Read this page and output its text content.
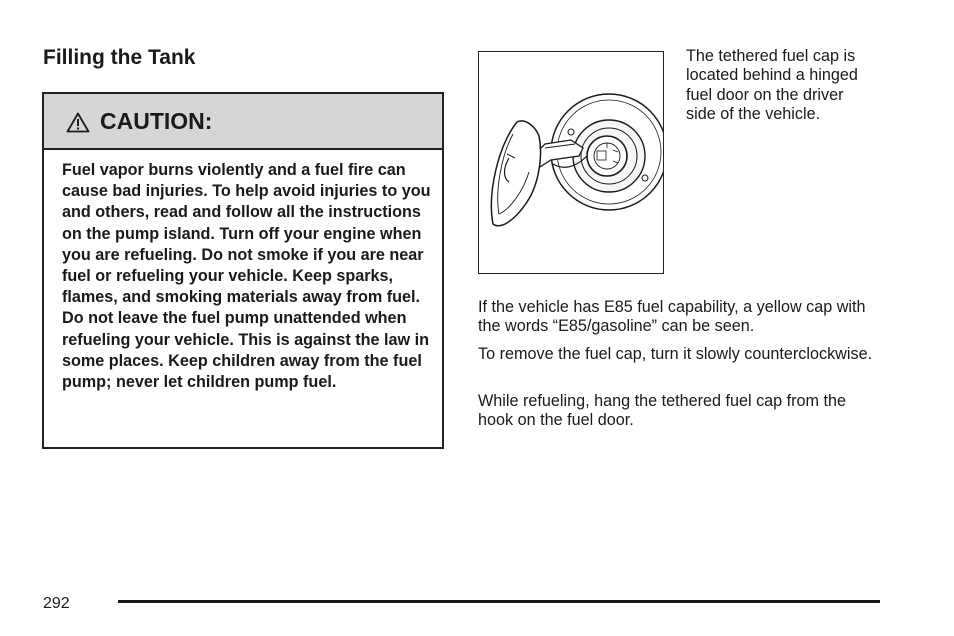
Filling the Tank
CAUTION:

Fuel vapor burns violently and a fuel fire can cause bad injuries. To help avoid injuries to you and others, read and follow all the instructions on the pump island. Turn off your engine when you are refueling. Do not smoke if you are near fuel or refueling your vehicle. Keep sparks, flames, and smoking materials away from fuel. Do not leave the fuel pump unattended when refueling your vehicle. This is against the law in some places. Keep children away from the fuel pump; never let children pump fuel.

The tethered fuel cap is located behind a hinged fuel door on the driver side of the vehicle.

If the vehicle has E85 fuel capability, a yellow cap with the words “E85/gasoline” can be seen.

To remove the fuel cap, turn it slowly counterclockwise.

While refueling, hang the tethered fuel cap from the hook on the fuel door.

292
